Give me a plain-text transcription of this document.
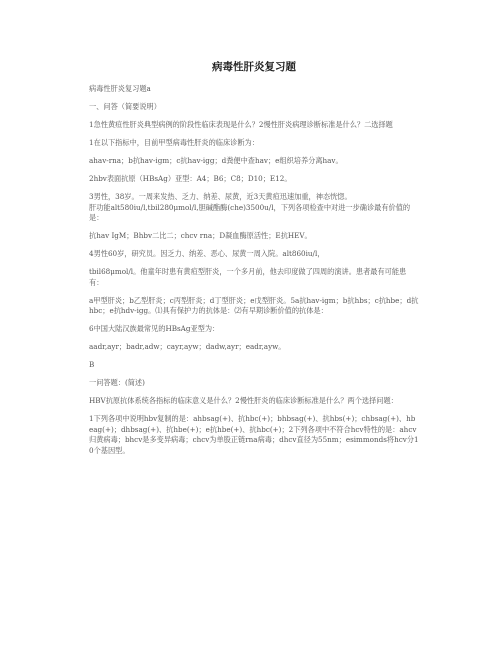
病毒性肝炎复习题

病毒性肝炎复习题a

一、问答（简要说明）

1急性黄疸性肝炎典型病例的阶段性临床表现是什么？2慢性肝炎病理诊断标准是什么？二选择题

1在以下指标中，目前甲型病毒性肝炎的临床诊断为：

ahav-rna；b抗hav-igm；c抗hav-igg；d粪便中查hav；e组织培养分离hav。

2hbv表面抗原（HBsAg）亚型：A4；B6；C8；D10；E12。

3男性，38岁。一周来发热、乏力、纳差、尿黄，近3天黄疸迅速加重，神态恍惚。

肝功能alt580iu/l,tbil280μmol/l,胆碱酯酶(che)3500u/l，下列各项检查中对进一步确诊最有价值的是：

抗hav IgM；Bhbv二比二；chcv rna；D凝血酶原活性；E抗HEV。

4男性60岁，研究员。因乏力、纳差、恶心、尿黄一周入院。alt860iu/l，

tbil68μmol/l。他童年时患有黄疸型肝炎，一个多月前，他去印度做了四周的演讲。患者最有可能患有：

a甲型肝炎；b乙型肝炎；c丙型肝炎；d丁型肝炎；e戊型肝炎。5a抗hav-igm；b抗hbs；c抗hbe；d抗hbc；e抗hdv-igg。⑴具有保护力的抗体是：⑵有早期诊断价值的抗体是：

6中国大陆汉族最常见的HBsAg亚型为：

aadr,ayr；badr,adw；cayr,ayw；dadw,ayr；eadr,ayw。

B

一问答题：(简述)

HBV抗原抗体系统各指标的临床意义是什么？2慢性肝炎的临床诊断标准是什么？两个选择问题：

1下列各项中说明hbv复制的是：ahbsag(+)、抗hbc(+)；bhbsag(+)、抗hbs(+)；chbsag(+)、hbeag(+)；dhbsag(+)、抗hbe(+)；e抗hbe(+)、抗hbc(+)；2下列各项中不符合hcv特性的是：ahcv归黄病毒；bhcv是多变异病毒；chcv为单股正链rna病毒；dhcv直径为55nm；esimmonds将hcv分10个基因型。
